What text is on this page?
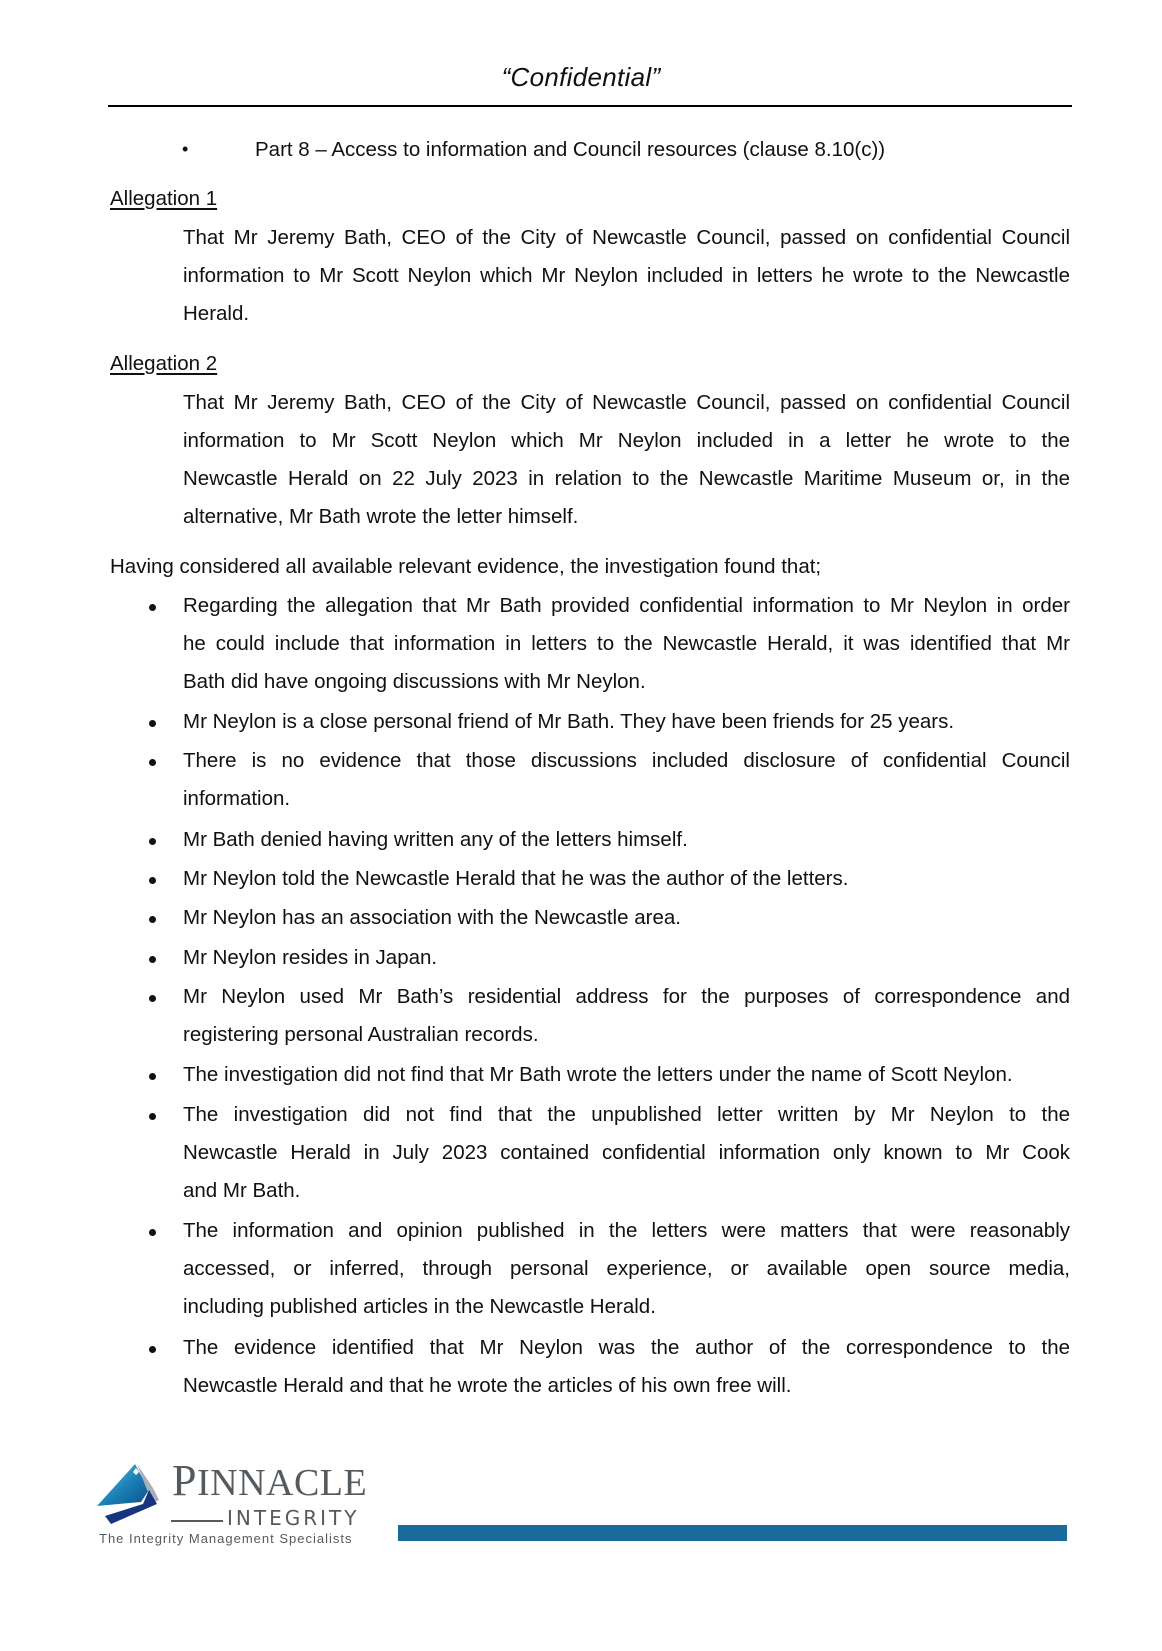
“Confidential”
•	Part 8 – Access to information and Council resources (clause 8.10(c))
Allegation 1
That Mr Jeremy Bath, CEO of the City of Newcastle Council, passed on confidential Council
information to Mr Scott Neylon which Mr Neylon included in letters he wrote to the Newcastle
Herald.
Allegation 2
That Mr Jeremy Bath, CEO of the City of Newcastle Council, passed on confidential Council
information to Mr Scott Neylon which Mr Neylon included in a letter he wrote to the
Newcastle Herald on 22 July 2023 in relation to the Newcastle Maritime Museum or, in the
alternative, Mr Bath wrote the letter himself.
Having considered all available relevant evidence, the investigation found that;
Regarding the allegation that Mr Bath provided confidential information to Mr Neylon in order
he could include that information in letters to the Newcastle Herald, it was identified that Mr
Bath did have ongoing discussions with Mr Neylon.
Mr Neylon is a close personal friend of Mr Bath. They have been friends for 25 years.
There is no evidence that those discussions included disclosure of confidential Council
information.
Mr Bath denied having written any of the letters himself.
Mr Neylon told the Newcastle Herald that he was the author of the letters.
Mr Neylon has an association with the Newcastle area.
Mr Neylon resides in Japan.
Mr Neylon used Mr Bath’s residential address for the purposes of correspondence and
registering personal Australian records.
The investigation did not find that Mr Bath wrote the letters under the name of Scott Neylon.
The investigation did not find that the unpublished letter written by Mr Neylon to the
Newcastle Herald in July 2023 contained confidential information only known to Mr Cook
and Mr Bath.
The information and opinion published in the letters were matters that were reasonably
accessed, or inferred, through personal experience, or available open source media,
including published articles in the Newcastle Herald.
The evidence identified that Mr Neylon was the author of the correspondence to the
Newcastle Herald and that he wrote the articles of his own free will.
PINNACLE
INTEGRITY
The Integrity Management Specialists
